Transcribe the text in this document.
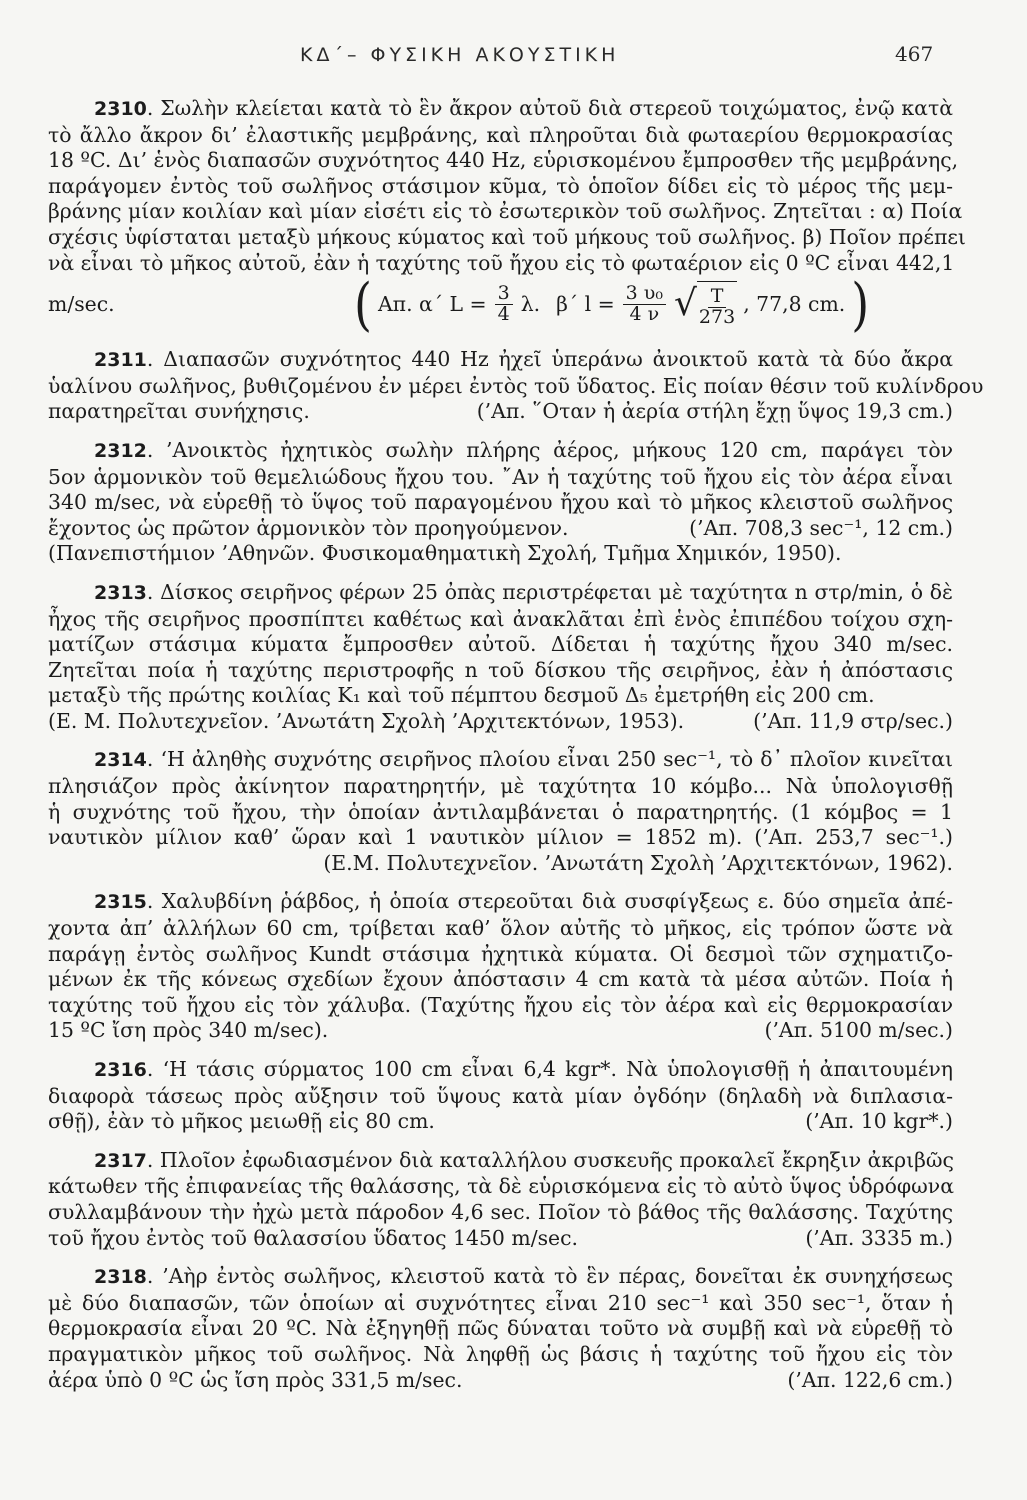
ΚΔ΄– ΦΥΣΙΚΗ ΑΚΟΥΣΤΙΚΗ	467
2310. Σωλὴν κλείεται κατὰ τὸ ἓν ἄκρον αὐτοῦ διὰ στερεοῦ τοιχώματος, ἐνῷ κατὰ
τὸ ἄλλο ἄκρον δι’ ἐλαστικῆς μεμβράνης, καὶ πληροῦται διὰ φωταερίου θερμοκρασίας
18 ºC. Δι’ ἑνὸς διαπασῶν συχνότητος 440 Hz, εὑρισκομένου ἔμπροσθεν τῆς μεμβράνης,
παράγομεν ἐντὸς τοῦ σωλῆνος στάσιμον κῦμα, τὸ ὁποῖον δίδει εἰς τὸ μέρος τῆς μεμ-
βράνης μίαν κοιλίαν καὶ μίαν εἰσέτι εἰς τὸ ἐσωτερικὸν τοῦ σωλῆνος. Ζητεῖται : α) Ποία
σχέσις ὑφίσταται μεταξὺ μήκους κύματος καὶ τοῦ μήκους τοῦ σωλῆνος. β) Ποῖον πρέπει
νὰ εἶναι τὸ μῆκος αὐτοῦ, ἐὰν ἡ ταχύτης τοῦ ἤχου εἰς τὸ φωταέριον εἰς 0 ºC εἶναι 442,1
m/sec.	( Απ. α΄ $L = \frac{3}{4} \lambda$. β΄ $l = \frac{\text{3 υ₀}}{4 \nu}$ √ $\frac{T}{273}$ , 77,8 cm. )
2311. Διαπασῶν συχνότητος 440 Hz ἠχεῖ ὑπεράνω ἀνοικτοῦ κατὰ τὰ δύο ἄκρα
ὑαλίνου σωλῆνος, βυθιζομένου ἐν μέρει ἐντὸς τοῦ ὕδατος. Εἰς ποίαν θέσιν τοῦ κυλίνδρου
παρατηρεῖται συνήχησις.	(’Απ. ῞Οταν ἡ ἀερία στήλη ἔχῃ ὕψος 19,3 cm.)
2312. ’Ανοικτὸς ἠχητικὸς σωλὴν πλήρης ἀέρος, μήκους 120 cm, παράγει τὸν
5ον ἁρμονικὸν τοῦ θεμελιώδους ἤχου του. ῎Αν ἡ ταχύτης τοῦ ἤχου εἰς τὸν ἀέρα εἶναι
340 m/sec, νὰ εὑρεθῇ τὸ ὕψος τοῦ παραγομένου ἤχου καὶ τὸ μῆκος κλειστοῦ σωλῆνος
ἔχοντος ὡς πρῶτον ἁρμονικὸν τὸν προηγούμενον.	(’Απ. 708,3 sec⁻¹, 12 cm.)
(Πανεπιστήμιον ’Αθηνῶν. Φυσικομαθηματικὴ Σχολή, Τμῆμα Χημικόν, 1950).
2313. Δίσκος σειρῆνος φέρων 25 ὀπὰς περιστρέφεται μὲ ταχύτητα n στρ/min, ὁ δὲ
ἦχος τῆς σειρῆνος προσπίπτει καθέτως καὶ ἀνακλᾶται ἐπὶ ἑνὸς ἐπιπέδου τοίχου σχη-
ματίζων στάσιμα κύματα ἔμπροσθεν αὐτοῦ. Δίδεται ἡ ταχύτης ἤχου 340 m/sec.
Ζητεῖται ποία ἡ ταχύτης περιστροφῆς n τοῦ δίσκου τῆς σειρῆνος, ἐὰν ἡ ἀπόστασις
μεταξὺ τῆς πρώτης κοιλίας K₁ καὶ τοῦ πέμπτου δεσμοῦ Δ₅ ἐμετρήθη εἰς 200 cm.
(Ε. Μ. Πολυτεχνεῖον. ’Ανωτάτη Σχολὴ ’Αρχιτεκτόνων, 1953).	(’Απ. 11,9 στρ/sec.)
2314. ‘Η ἀληθὴς συχνότης σειρῆνος πλοίου εἶναι 250 sec⁻¹, τὸ δ᾿ πλοῖον κινεῖται
πλησιάζον πρὸς ἀκίνητον παρατηρητήν, μὲ ταχύτητα 10 κόμβο... Νὰ ὑπολογισθῇ
ἡ συχνότης τοῦ ἤχου, τὴν ὁποίαν ἀντιλαμβάνεται ὁ παρατηρητής. (1 κόμβος = 1
ναυτικὸν μίλιον καθ’ ὥραν καὶ 1 ναυτικὸν μίλιον = 1852 m). (’Απ. 253,7 sec⁻¹.)
(Ε.Μ. Πολυτεχνεῖον. ’Ανωτάτη Σχολὴ ’Αρχιτεκτόνων, 1962).
2315. Χαλυβδίνη ῥάβδος, ἡ ὁποία στερεοῦται διὰ συσφίγξεως ε. δύο σημεῖα ἀπέ-
χοντα ἀπ’ ἀλλήλων 60 cm, τρίβεται καθ’ ὅλον αὐτῆς τὸ μῆκος, εἰς τρόπον ὥστε νὰ
παράγῃ ἐντὸς σωλῆνος Kundt στάσιμα ἠχητικὰ κύματα. Οἱ δεσμοὶ τῶν σχηματιζο-
μένων ἐκ τῆς κόνεως σχεδίων ἔχουν ἀπόστασιν 4 cm κατὰ τὰ μέσα αὐτῶν. Ποία ἡ
ταχύτης τοῦ ἤχου εἰς τὸν χάλυβα. (Ταχύτης ἤχου εἰς τὸν ἀέρα καὶ εἰς θερμοκρασίαν
15 ºC ἴση πρὸς 340 m/sec).	(’Απ. 5100 m/sec.)
2316. ‘Η τάσις σύρματος 100 cm εἶναι 6,4 kgr*. Νὰ ὑπολογισθῇ ἡ ἀπαιτουμένη
διαφορὰ τάσεως πρὸς αὔξησιν τοῦ ὕψους κατὰ μίαν ὀγδόην (δηλαδὴ νὰ διπλασια-
σθῇ), ἐὰν τὸ μῆκος μειωθῇ εἰς 80 cm.	(’Απ. 10 kgr*.)
2317. Πλοῖον ἐφωδιασμένον διὰ καταλλήλου συσκευῆς προκαλεῖ ἔκρηξιν ἀκριβῶς
κάτωθεν τῆς ἐπιφανείας τῆς θαλάσσης, τὰ δὲ εὑρισκόμενα εἰς τὸ αὐτὸ ὕψος ὑδρόφωνα
συλλαμβάνουν τὴν ἠχὼ μετὰ πάροδον 4,6 sec. Ποῖον τὸ βάθος τῆς θαλάσσης. Ταχύτης
τοῦ ἤχου ἐντὸς τοῦ θαλασσίου ὕδατος 1450 m/sec.	(’Απ. 3335 m.)
2318. ’Αὴρ ἐντὸς σωλῆνος, κλειστοῦ κατὰ τὸ ἓν πέρας, δονεῖται ἐκ συνηχήσεως
μὲ δύο διαπασῶν, τῶν ὁποίων αἱ συχνότητες εἶναι 210 sec⁻¹ καὶ 350 sec⁻¹, ὅταν ἡ
θερμοκρασία εἶναι 20 ºC. Νὰ ἐξηγηθῇ πῶς δύναται τοῦτο νὰ συμβῇ καὶ νὰ εὑρεθῇ τὸ
πραγματικὸν μῆκος τοῦ σωλῆνος. Νὰ ληφθῇ ὡς βάσις ἡ ταχύτης τοῦ ἤχου εἰς τὸν
ἀέρα ὑπὸ 0 ºC ὡς ἴση πρὸς 331,5 m/sec.	(’Απ. 122,6 cm.)
